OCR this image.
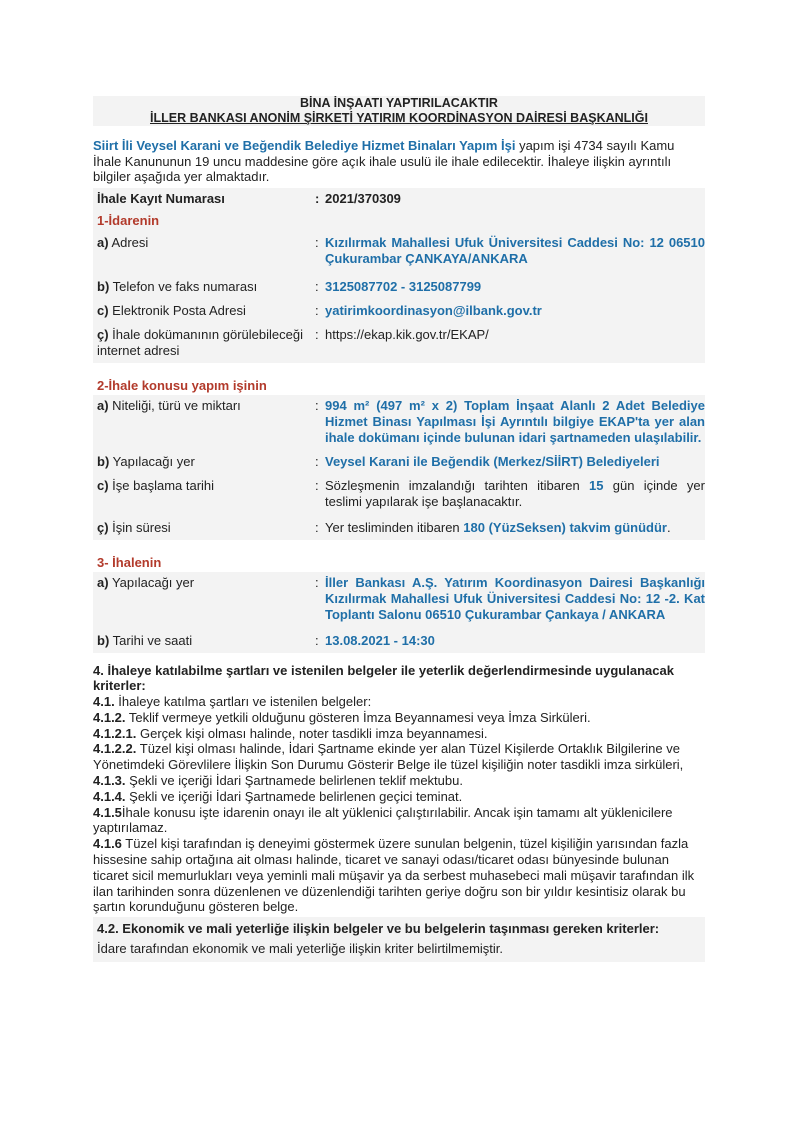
BİNA İNŞAATI YAPTIRILACAKTIR
İLLER BANKASI ANONİM ŞİRKETİ YATIRIM KOORDİNASYON DAİRESİ BAŞKANLIĞI
Siirt İli Veysel Karani ve Beğendik Belediye Hizmet Binaları Yapım İşi yapım işi 4734 sayılı Kamu İhale Kanununun 19 uncu maddesine göre açık ihale usulü ile ihale edilecektir. İhaleye ilişkin ayrıntılı bilgiler aşağıda yer almaktadır.
İhale Kayıt Numarası	: 2021/370309
1-İdarenin
a) Adresi	: Kızılırmak Mahallesi Ufuk Üniversitesi Caddesi No: 12 06510 Çukurambar ÇANKAYA/ANKARA
b) Telefon ve faks numarası	: 3125087702 - 3125087799
c) Elektronik Posta Adresi	: yatirimkoordinasyon@ilbank.gov.tr
ç) İhale dokümanının görülebileceği internet adresi
: https://ekap.kik.gov.tr/EKAP/
2-İhale konusu yapım işinin
a) Niteliği, türü ve miktarı	: 994 m² (497 m² x 2) Toplam İnşaat Alanlı 2 Adet Belediye Hizmet Binası Yapılması İşi Ayrıntılı bilgiye EKAP'ta yer alan ihale dokümanı içinde bulunan idari şartnameden ulaşılabilir.
b) Yapılacağı yer	: Veysel Karani ile Beğendik (Merkez/SİİRT) Belediyeleri
c) İşe başlama tarihi	: Sözleşmenin imzalandığı tarihten itibaren 15 gün içinde yer teslimi yapılarak işe başlanacaktır.
ç) İşin süresi	: Yer tesliminden itibaren 180 (YüzSeksen) takvim günüdür.
3- İhalenin
a) Yapılacağı yer	: İller Bankası A.Ş. Yatırım Koordinasyon Dairesi Başkanlığı Kızılırmak Mahallesi Ufuk Üniversitesi Caddesi No: 12 -2. Kat Toplantı Salonu 06510 Çukurambar Çankaya / ANKARA
b) Tarihi ve saati	: 13.08.2021 - 14:30

4. İhaleye katılabilme şartları ve istenilen belgeler ile yeterlik değerlendirmesinde uygulanacak kriterler:

4.1. İhaleye katılma şartları ve istenilen belgeler:

4.1.2. Teklif vermeye yetkili olduğunu gösteren İmza Beyannamesi veya İmza Sirküleri.

4.1.2.1. Gerçek kişi olması halinde, noter tasdikli imza beyannamesi.

4.1.2.2. Tüzel kişi olması halinde, İdari Şartname ekinde yer alan Tüzel Kişilerde Ortaklık Bilgilerine ve Yönetimdeki Görevlilere İlişkin Son Durumu Gösterir Belge ile tüzel kişiliğin noter tasdikli imza sirküleri,

4.1.3. Şekli ve içeriği İdari Şartnamede belirlenen teklif mektubu.

4.1.4. Şekli ve içeriği İdari Şartnamede belirlenen geçici teminat.

4.1.5İhale konusu işte idarenin onayı ile alt yüklenici çalıştırılabilir. Ancak işin tamamı alt yüklenicilere yaptırılamaz.

4.1.6 Tüzel kişi tarafından iş deneyimi göstermek üzere sunulan belgenin, tüzel kişiliğin yarısından fazla hissesine sahip ortağına ait olması halinde, ticaret ve sanayi odası/ticaret odası bünyesinde bulunan ticaret sicil memurlukları veya yeminli mali müşavir ya da serbest muhasebeci mali müşavir tarafından ilk ilan tarihinden sonra düzenlenen ve düzenlendiği tarihten geriye doğru son bir yıldır kesintisiz olarak bu şartın korunduğunu gösteren belge.

4.2. Ekonomik ve mali yeterliğe ilişkin belgeler ve bu belgelerin taşınması gereken kriterler:
İdare tarafından ekonomik ve mali yeterliğe ilişkin kriter belirtilmemiştir.
